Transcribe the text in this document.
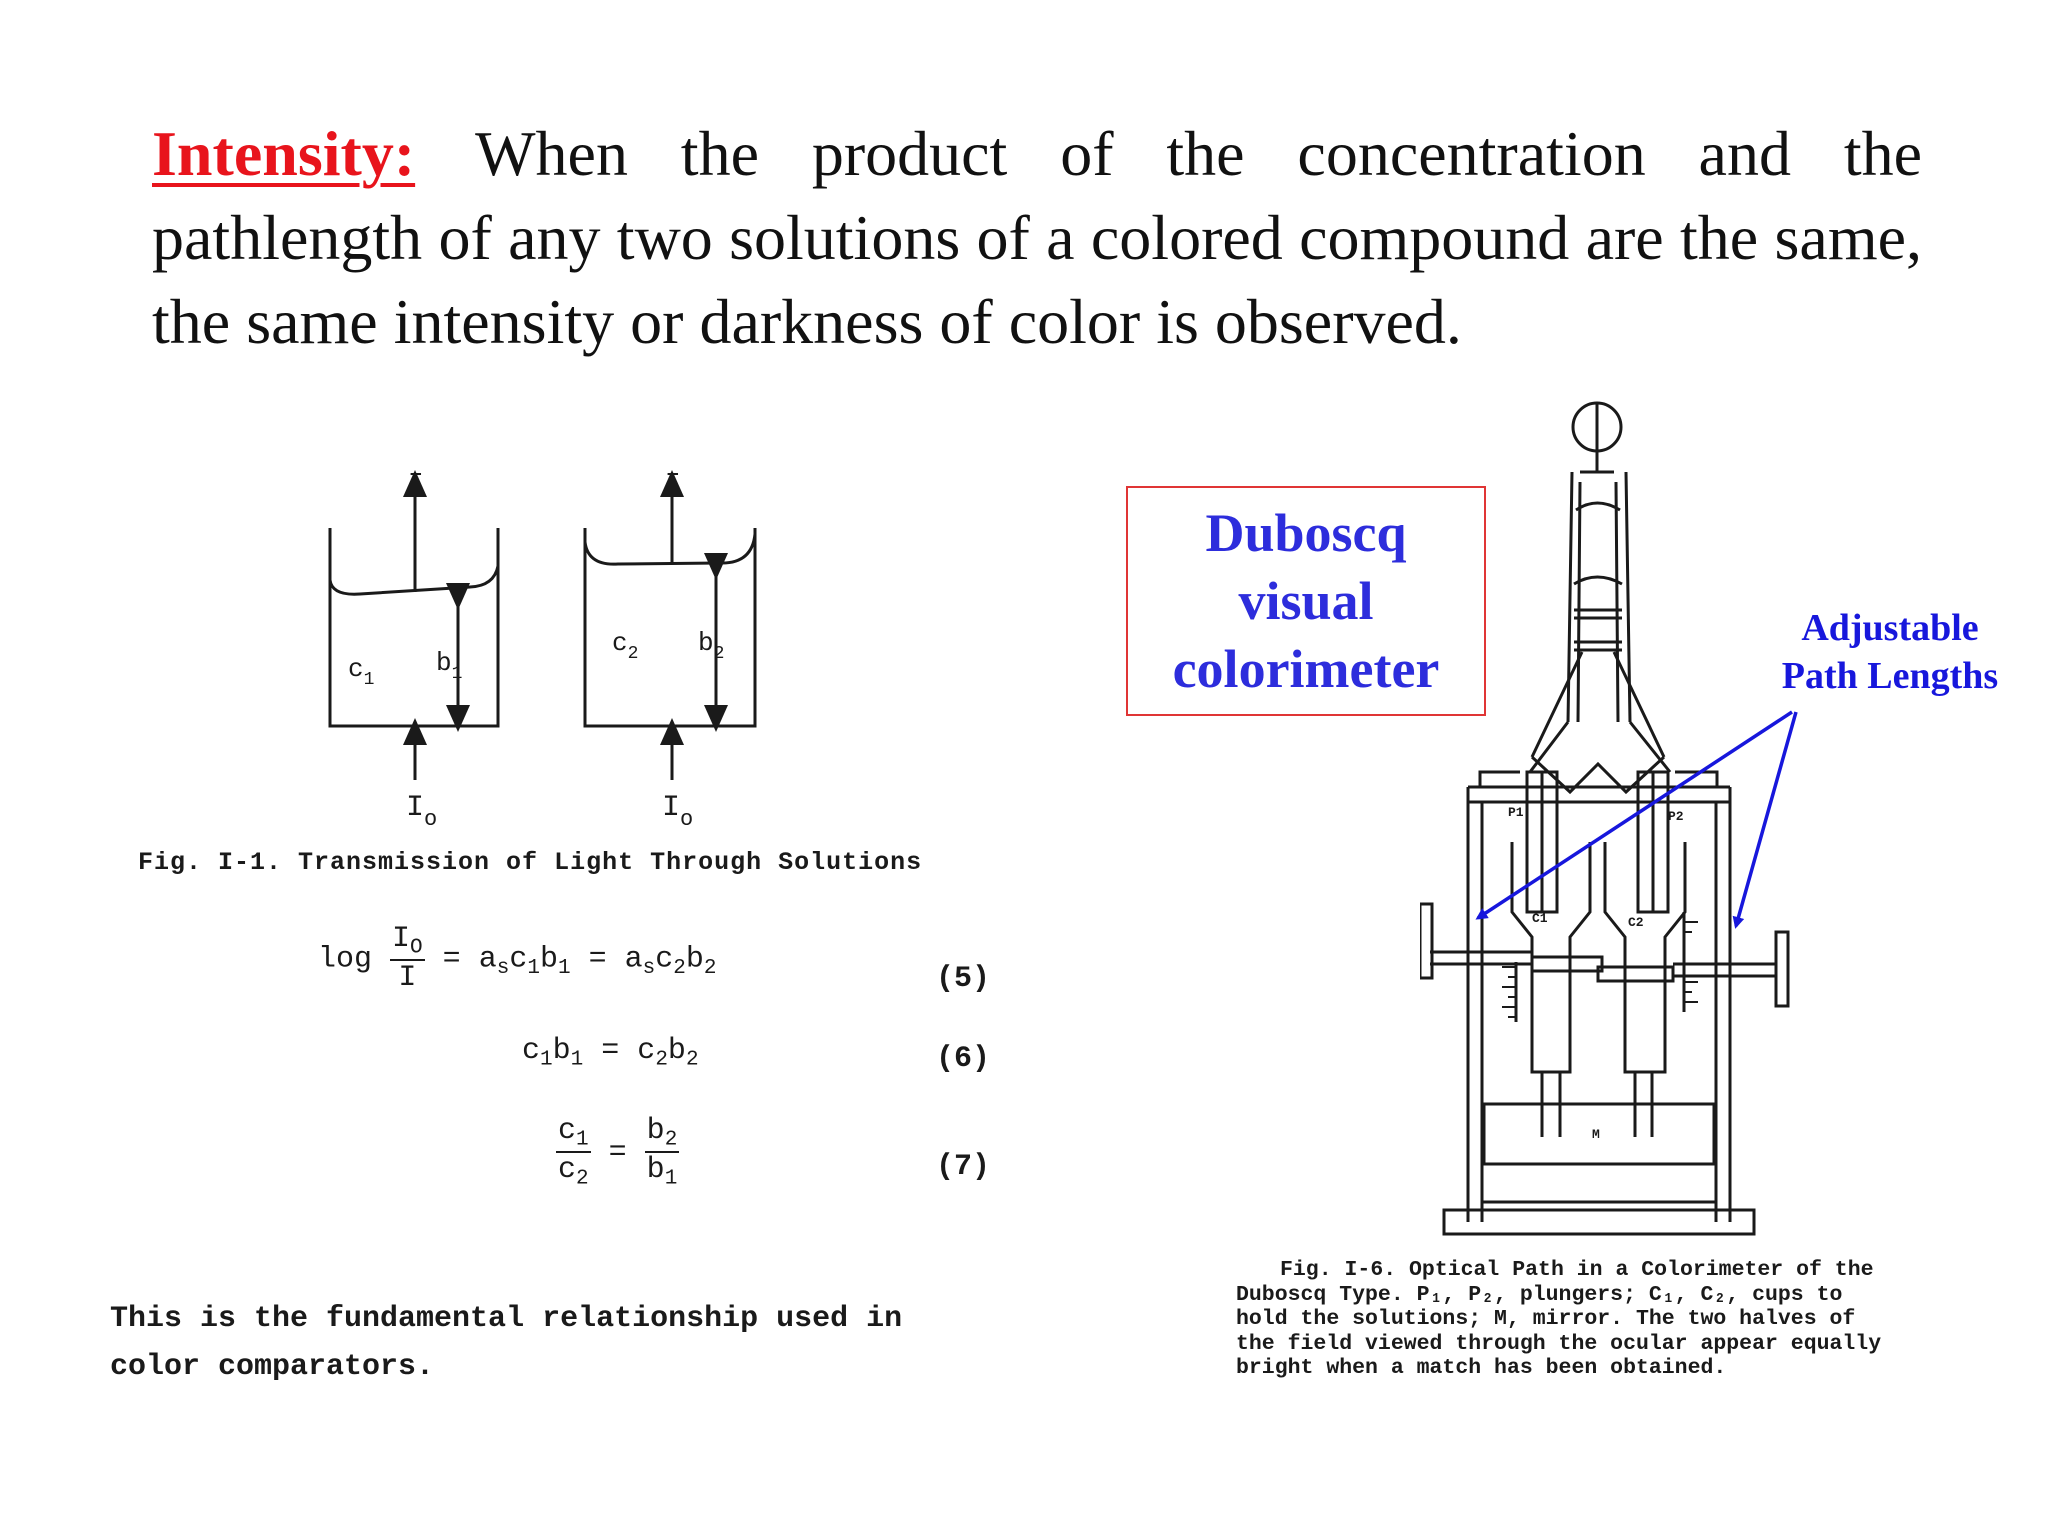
Intensity: When the product of the concentration and the pathlength of any two solutions of a colored compound are the same, the same intensity or darkness of color is observed.
I	I
$c_1$
$b_1$
$c_2$ $b_2$
$I_o$	$I_o$
Fig. I-1. Transmission of Light Through Solutions
$\log \frac{I_O}{I} = a_sc_1b_1 = a_sc_2b_2$	(5)
$c_1b_1 = c_2b_2$	(6)
$\frac{c_1}{c_2} = \frac{b_2}{b_1}$	(7)
This is the fundamental relationship used in
color comparators.
P1	P2
C1	C2
M
Duboscq
visual
colorimeter
Adjustable
Path Lengths
Fig. I-6. Optical Path in a Colorimeter of the
Duboscq Type. P₁, P₂, plungers; C₁, C₂, cups to
hold the solutions; M, mirror. The two halves of
the field viewed through the ocular appear equally
bright when a match has been obtained.
